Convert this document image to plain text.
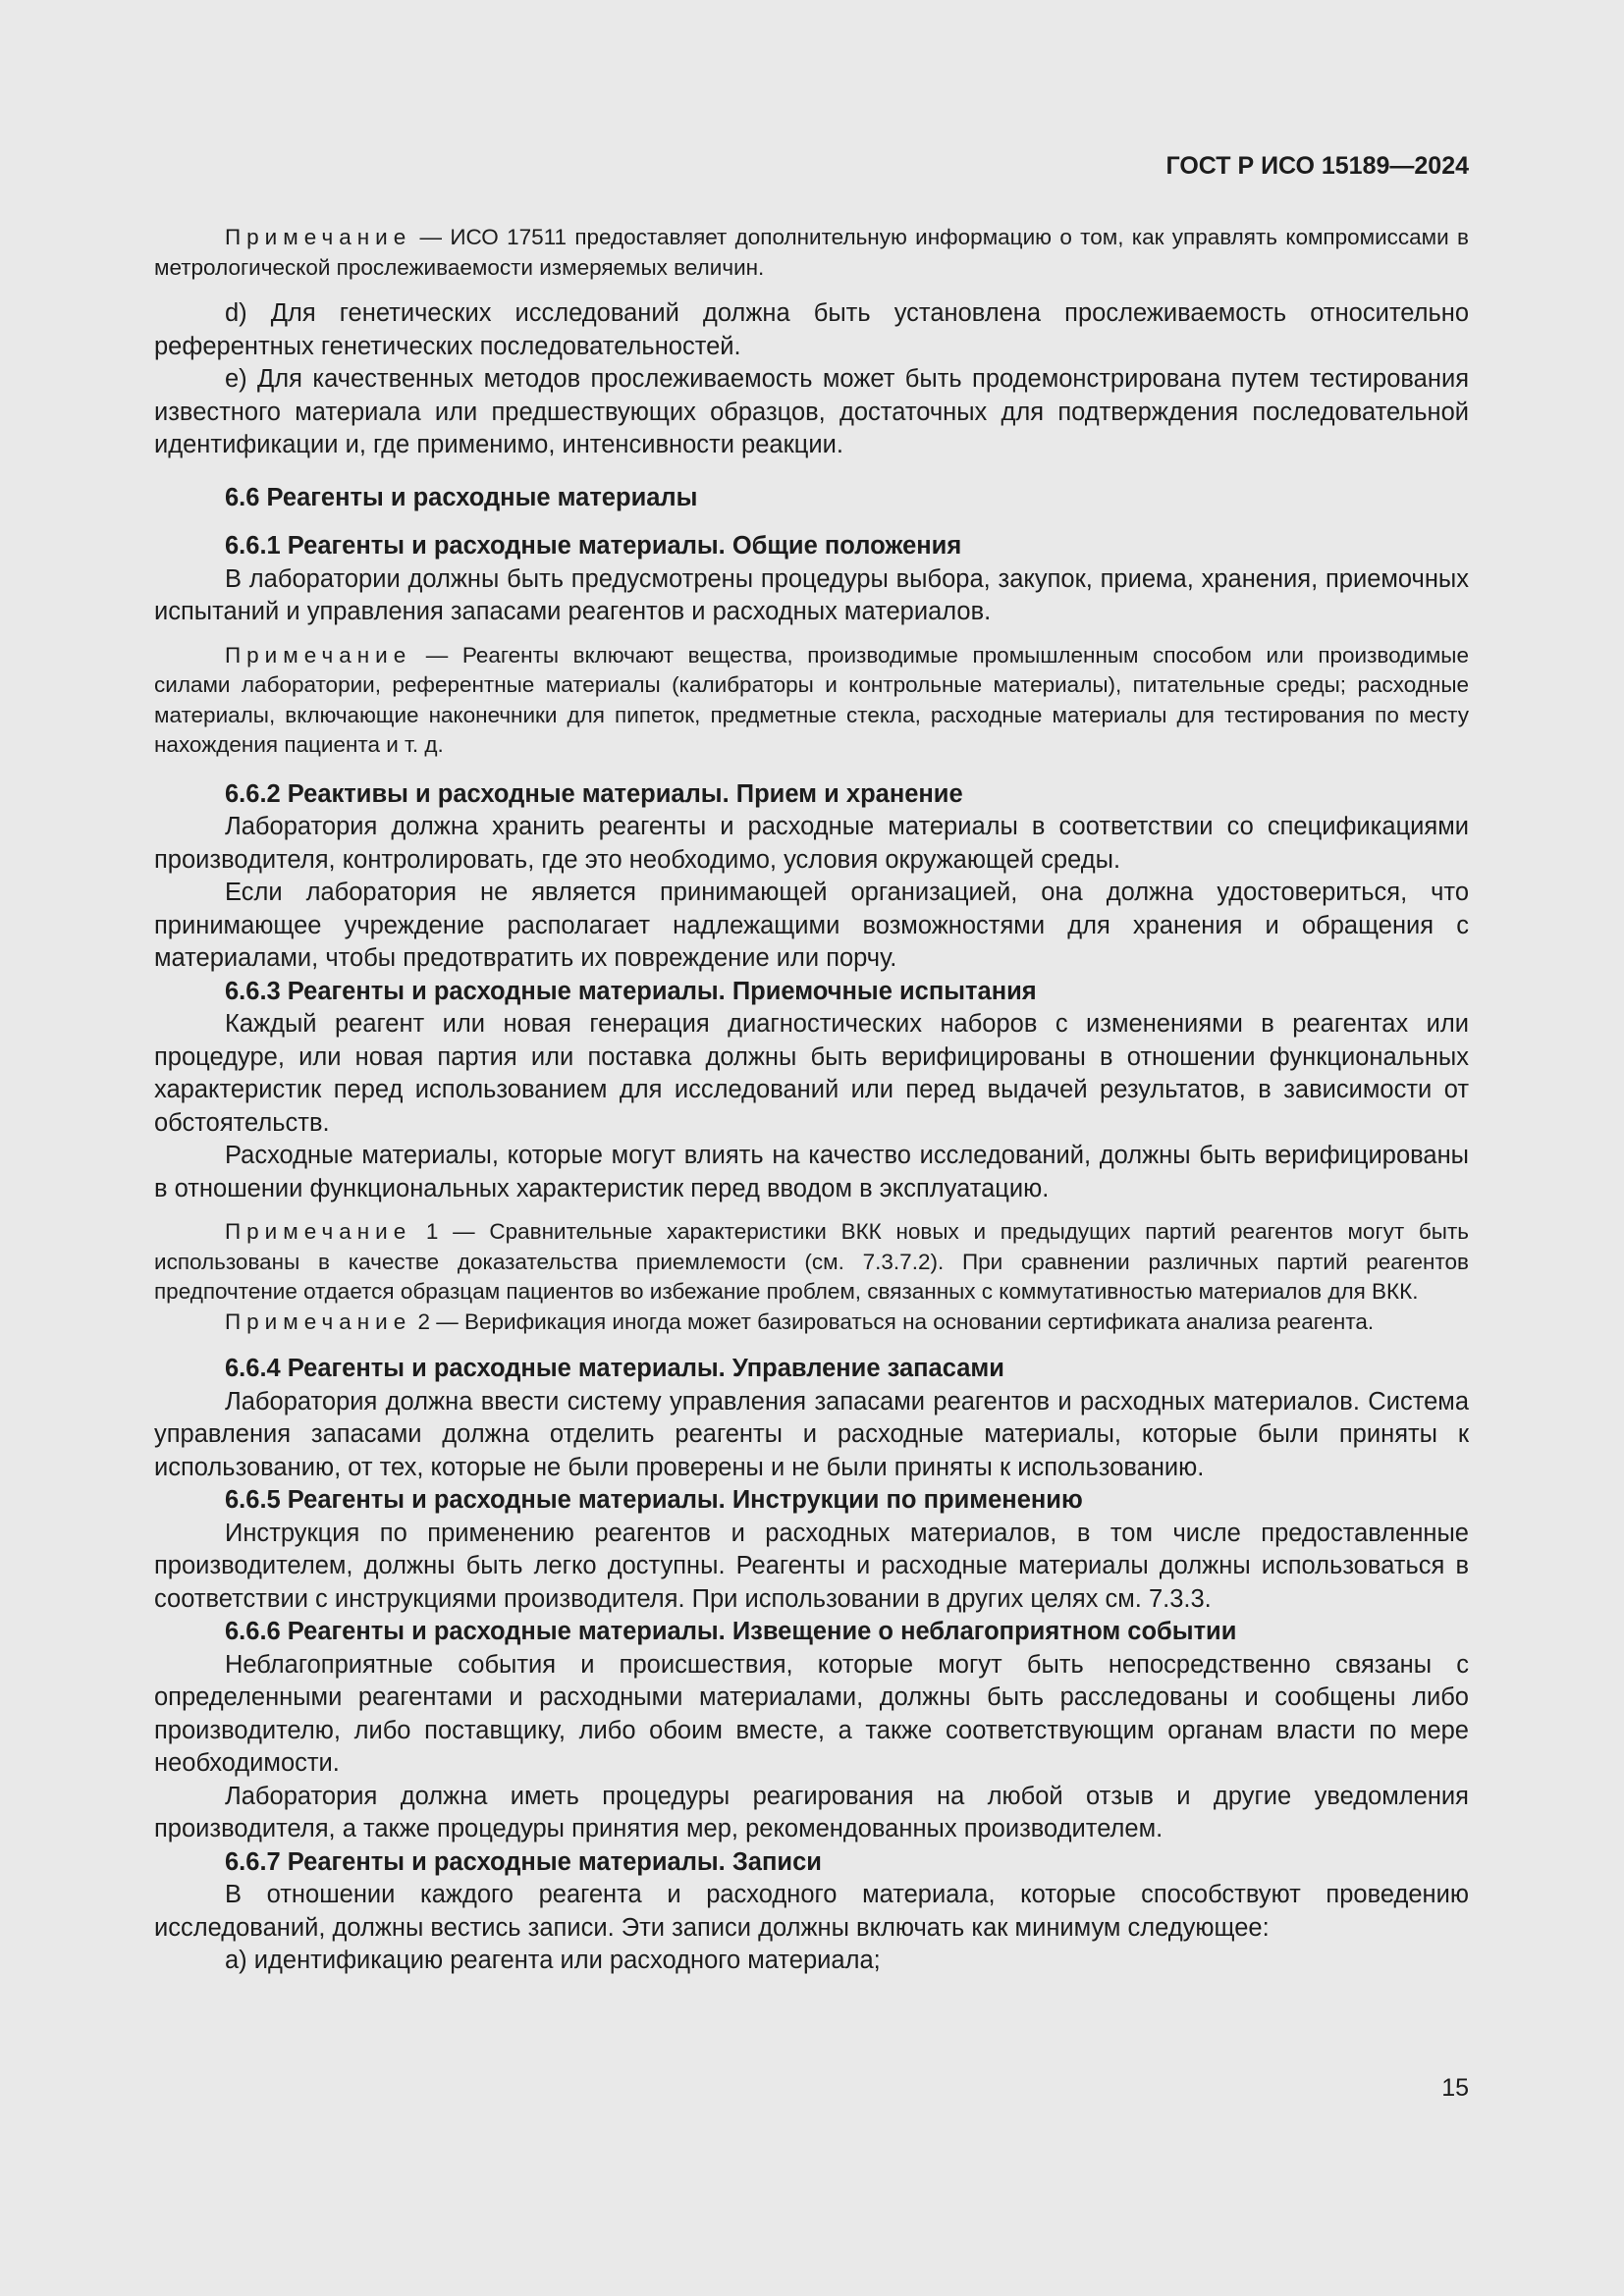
ГОСТ Р ИСО 15189—2024

Примечание — ИСО 17511 предоставляет дополнительную информацию о том, как управлять компромиссами в метрологической прослеживаемости измеряемых величин.

d) Для генетических исследований должна быть установлена прослеживаемость относительно референтных генетических последовательностей.

e) Для качественных методов прослеживаемость может быть продемонстрирована путем тестирования известного материала или предшествующих образцов, достаточных для подтверждения последовательной идентификации и, где применимо, интенсивности реакции.

6.6 Реагенты и расходные материалы

6.6.1 Реагенты и расходные материалы. Общие положения

В лаборатории должны быть предусмотрены процедуры выбора, закупок, приема, хранения, приемочных испытаний и управления запасами реагентов и расходных материалов.

Примечание — Реагенты включают вещества, производимые промышленным способом или производимые силами лаборатории, референтные материалы (калибраторы и контрольные материалы), питательные среды; расходные материалы, включающие наконечники для пипеток, предметные стекла, расходные материалы для тестирования по месту нахождения пациента и т. д.

6.6.2 Реактивы и расходные материалы. Прием и хранение

Лаборатория должна хранить реагенты и расходные материалы в соответствии со спецификациями производителя, контролировать, где это необходимо, условия окружающей среды.

Если лаборатория не является принимающей организацией, она должна удостовериться, что принимающее учреждение располагает надлежащими возможностями для хранения и обращения с материалами, чтобы предотвратить их повреждение или порчу.

6.6.3 Реагенты и расходные материалы. Приемочные испытания

Каждый реагент или новая генерация диагностических наборов с изменениями в реагентах или процедуре, или новая партия или поставка должны быть верифицированы в отношении функциональных характеристик перед использованием для исследований или перед выдачей результатов, в зависимости от обстоятельств.

Расходные материалы, которые могут влиять на качество исследований, должны быть верифицированы в отношении функциональных характеристик перед вводом в эксплуатацию.

Примечание 1 — Сравнительные характеристики ВКК новых и предыдущих партий реагентов могут быть использованы в качестве доказательства приемлемости (см. 7.3.7.2). При сравнении различных партий реагентов предпочтение отдается образцам пациентов во избежание проблем, связанных с коммутативностью материалов для ВКК.

Примечание 2 — Верификация иногда может базироваться на основании сертификата анализа реагента.

6.6.4 Реагенты и расходные материалы. Управление запасами

Лаборатория должна ввести систему управления запасами реагентов и расходных материалов. Система управления запасами должна отделить реагенты и расходные материалы, которые были приняты к использованию, от тех, которые не были проверены и не были приняты к использованию.

6.6.5 Реагенты и расходные материалы. Инструкции по применению

Инструкция по применению реагентов и расходных материалов, в том числе предоставленные производителем, должны быть легко доступны. Реагенты и расходные материалы должны использоваться в соответствии с инструкциями производителя. При использовании в других целях см. 7.3.3.

6.6.6 Реагенты и расходные материалы. Извещение о неблагоприятном событии

Неблагоприятные события и происшествия, которые могут быть непосредственно связаны с определенными реагентами и расходными материалами, должны быть расследованы и сообщены либо производителю, либо поставщику, либо обоим вместе, а также соответствующим органам власти по мере необходимости.

Лаборатория должна иметь процедуры реагирования на любой отзыв и другие уведомления производителя, а также процедуры принятия мер, рекомендованных производителем.

6.6.7 Реагенты и расходные материалы. Записи

В отношении каждого реагента и расходного материала, которые способствуют проведению исследований, должны вестись записи. Эти записи должны включать как минимум следующее:

a) идентификацию реагента или расходного материала;

15
